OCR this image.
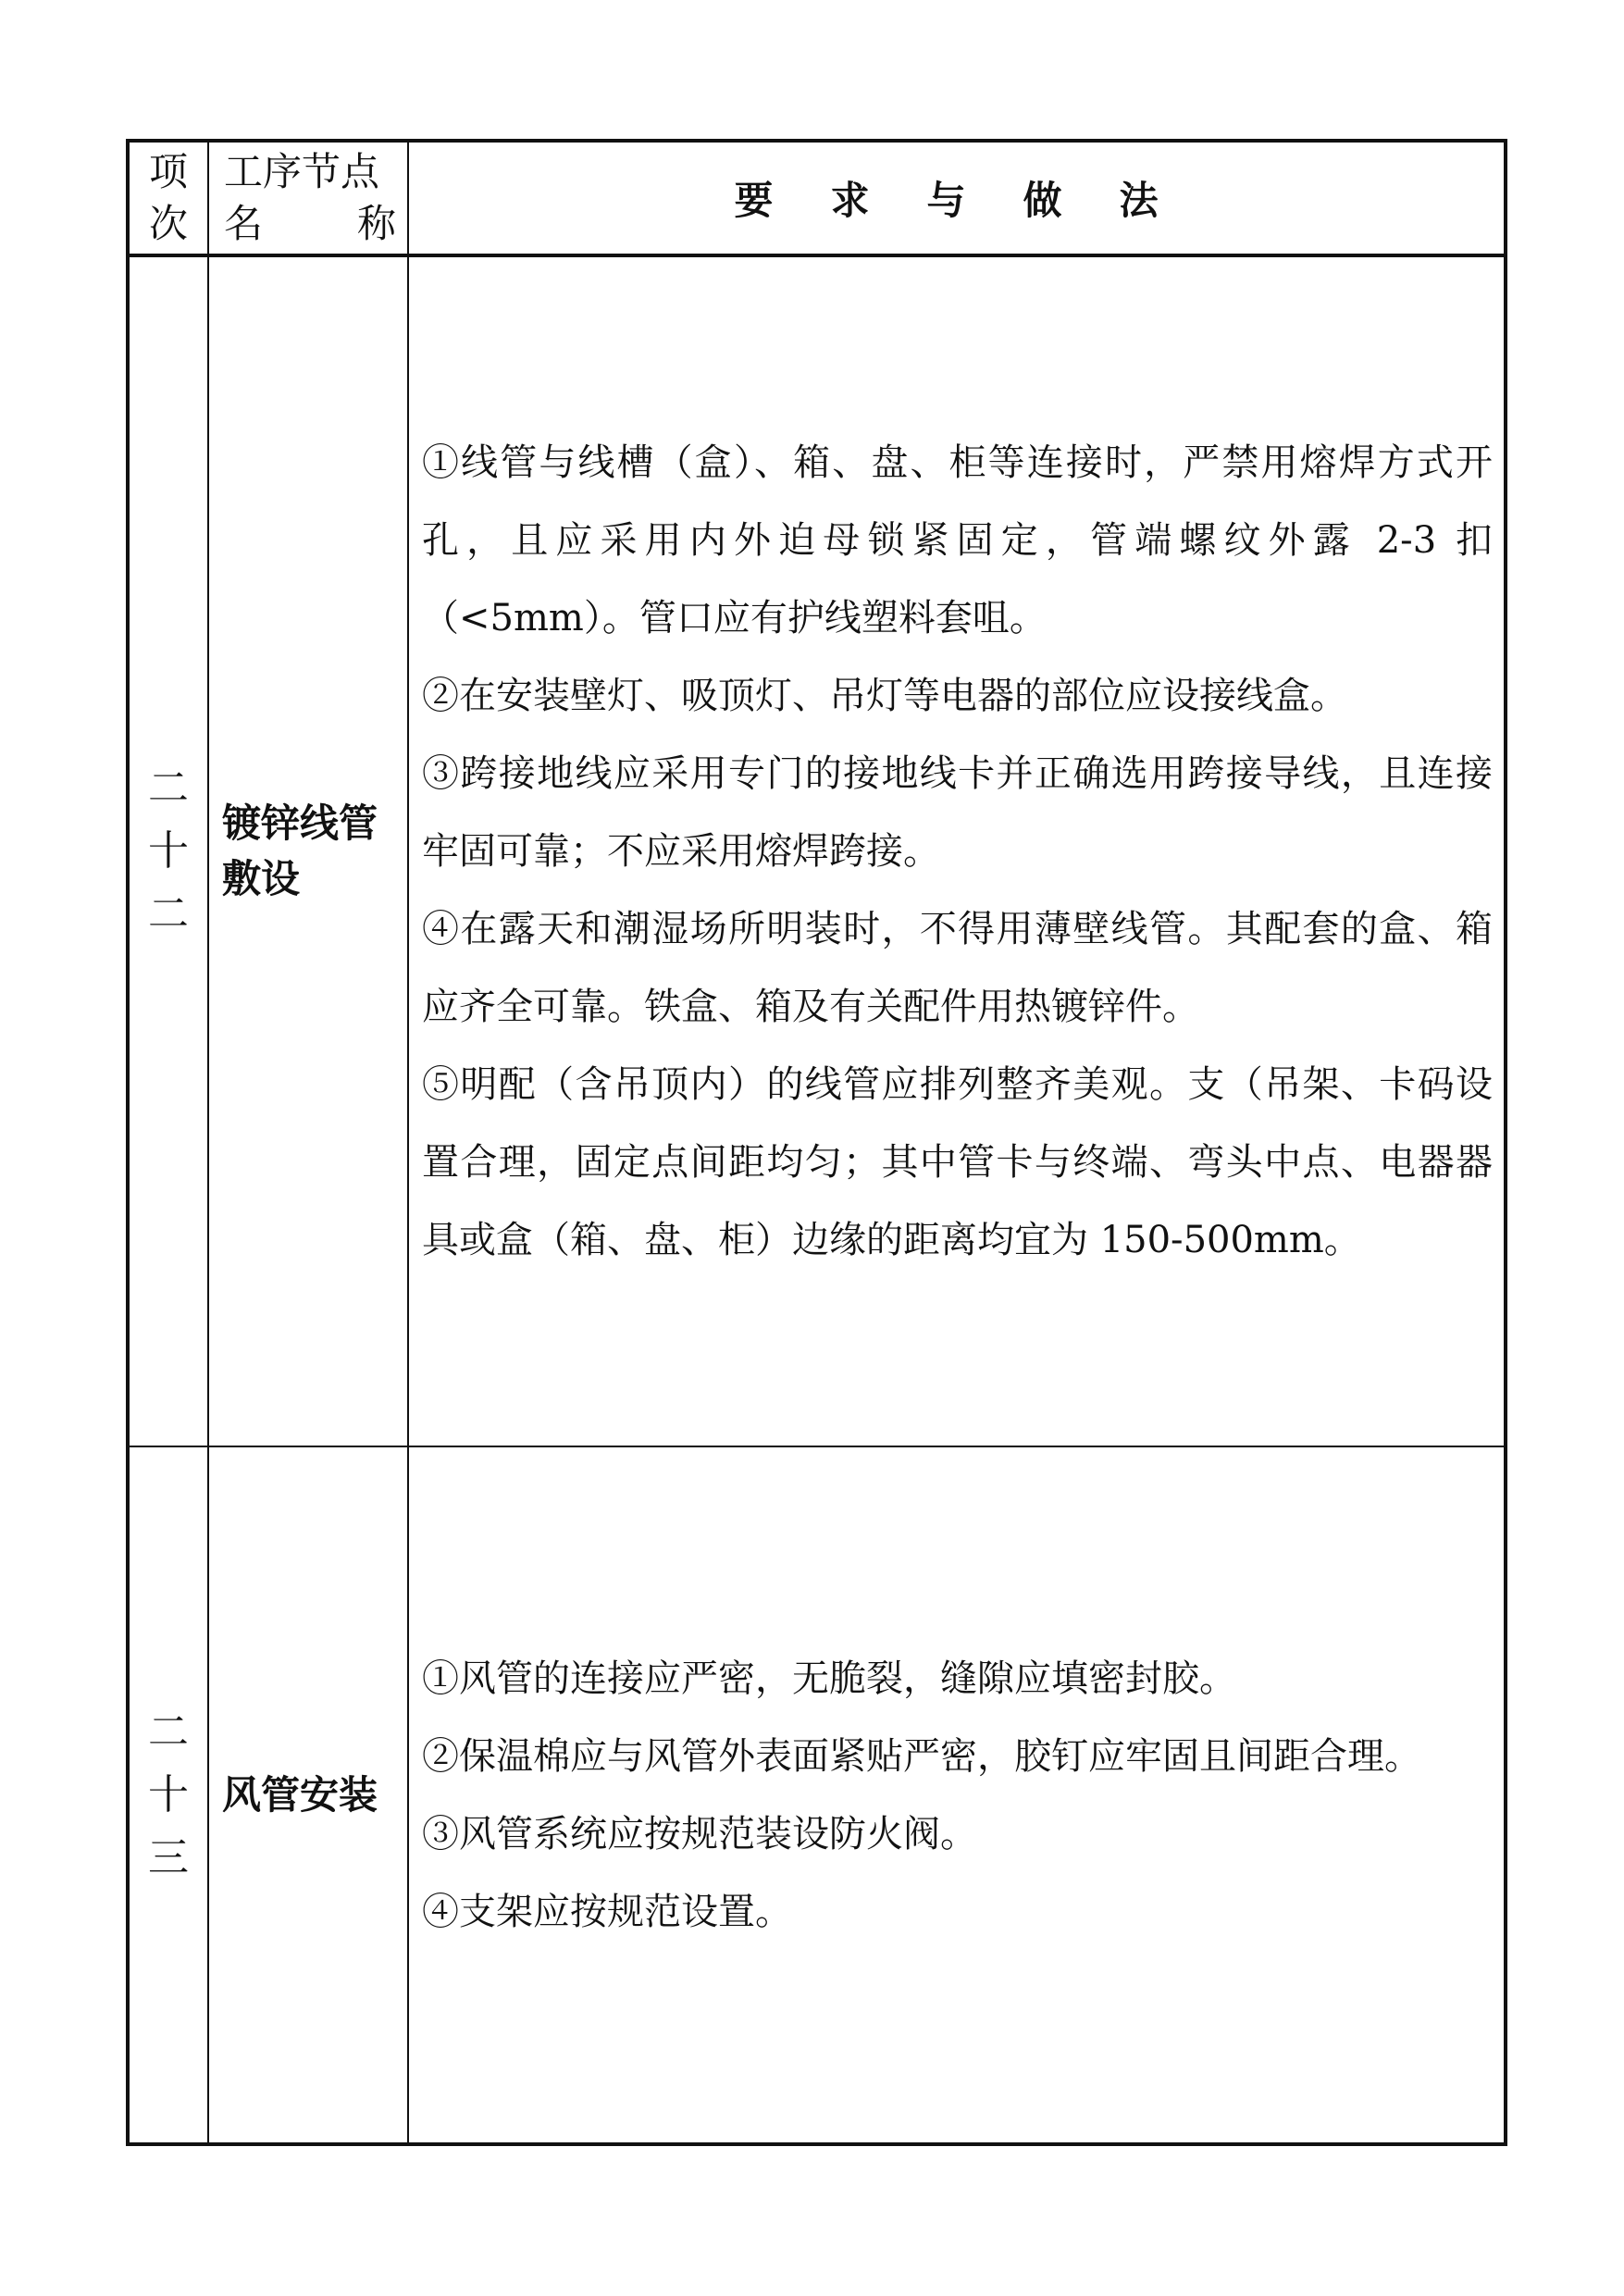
项
次
工序节点
名 称
要求与做法
二
十
二
镀锌线管敷设

①线管与线槽（盒）、箱、盘、柜等连接时，严禁用熔焊方式开孔，且应采用内外迫母锁紧固定，管端螺纹外露 2-3 扣（<5mm）。管口应有护线塑料套咀。

②在安装壁灯、吸顶灯、吊灯等电器的部位应设接线盒。

③跨接地线应采用专门的接地线卡并正确选用跨接导线，且连接牢固可靠；不应采用熔焊跨接。

④在露天和潮湿场所明装时，不得用薄壁线管。其配套的盒、箱应齐全可靠。铁盒、箱及有关配件用热镀锌件。

⑤明配（含吊顶内）的线管应排列整齐美观。支（吊架、卡码设置合理，固定点间距均匀；其中管卡与终端、弯头中点、电器器具或盒（箱、盘、柜）边缘的距离均宜为 150-500mm。

二
十
三
风管安装

①风管的连接应严密，无脆裂，缝隙应填密封胶。

②保温棉应与风管外表面紧贴严密，胶钉应牢固且间距合理。

③风管系统应按规范装设防火阀。

④支架应按规范设置。
